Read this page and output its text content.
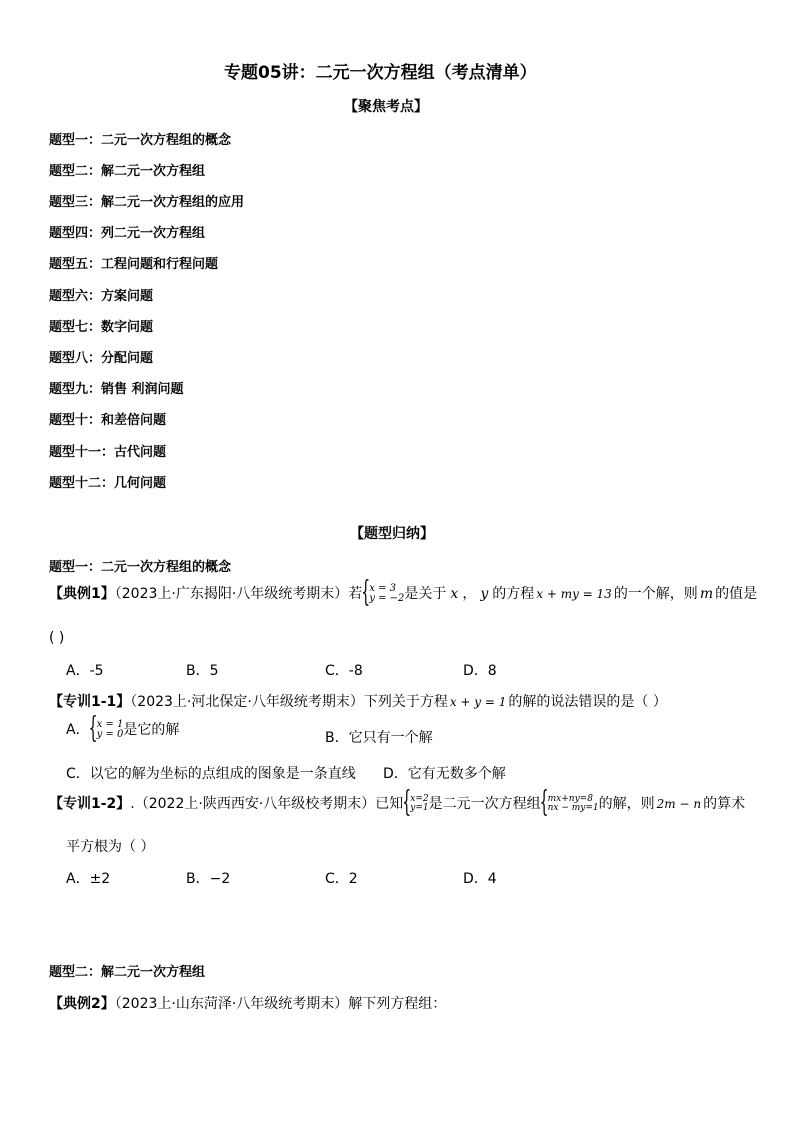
专题05讲：二元一次方程组（考点清单）
【聚焦考点】
题型一：二元一次方程组的概念
题型二：解二元一次方程组
题型三：解二元一次方程组的应用
题型四：列二元一次方程组
题型五：工程问题和行程问题
题型六：方案问题
题型七：数字问题
题型八：分配问题
题型九：销售 利润问题
题型十：和差倍问题
题型十一：古代问题
题型十二：几何问题
【题型归纳】
题型一：二元一次方程组的概念
【典例1】（2023上·广东揭阳·八年级统考期末）若 { x = 3
y = −2 是关于 x ， y 的方程 x + my = 13 的一个解，则 m 的值是
( )
A．-5	B．5	C．-8	D．8
【专训1-1】（2023上·河北保定·八年级统考期末）下列关于方程 x + y = 1 的解的说法错误的是（ ）
A． { x = 1
y = 0 是它的解	B．它只有一个解
C．以它的解为坐标的点组成的图象是一条直线 D．它有无数多个解
【专训1-2】.（2022上·陕西西安·八年级校考期末）已知 { x=2
y=1 是二元一次方程组 { mx+ny=8
nx − my=1 的解，则 2m − n 的算术
平方根为（ ）
A．±2	B．−2	C．2	D．4
题型二：解二元一次方程组
【典例2】（2023上·山东菏泽·八年级统考期末）解下列方程组：
